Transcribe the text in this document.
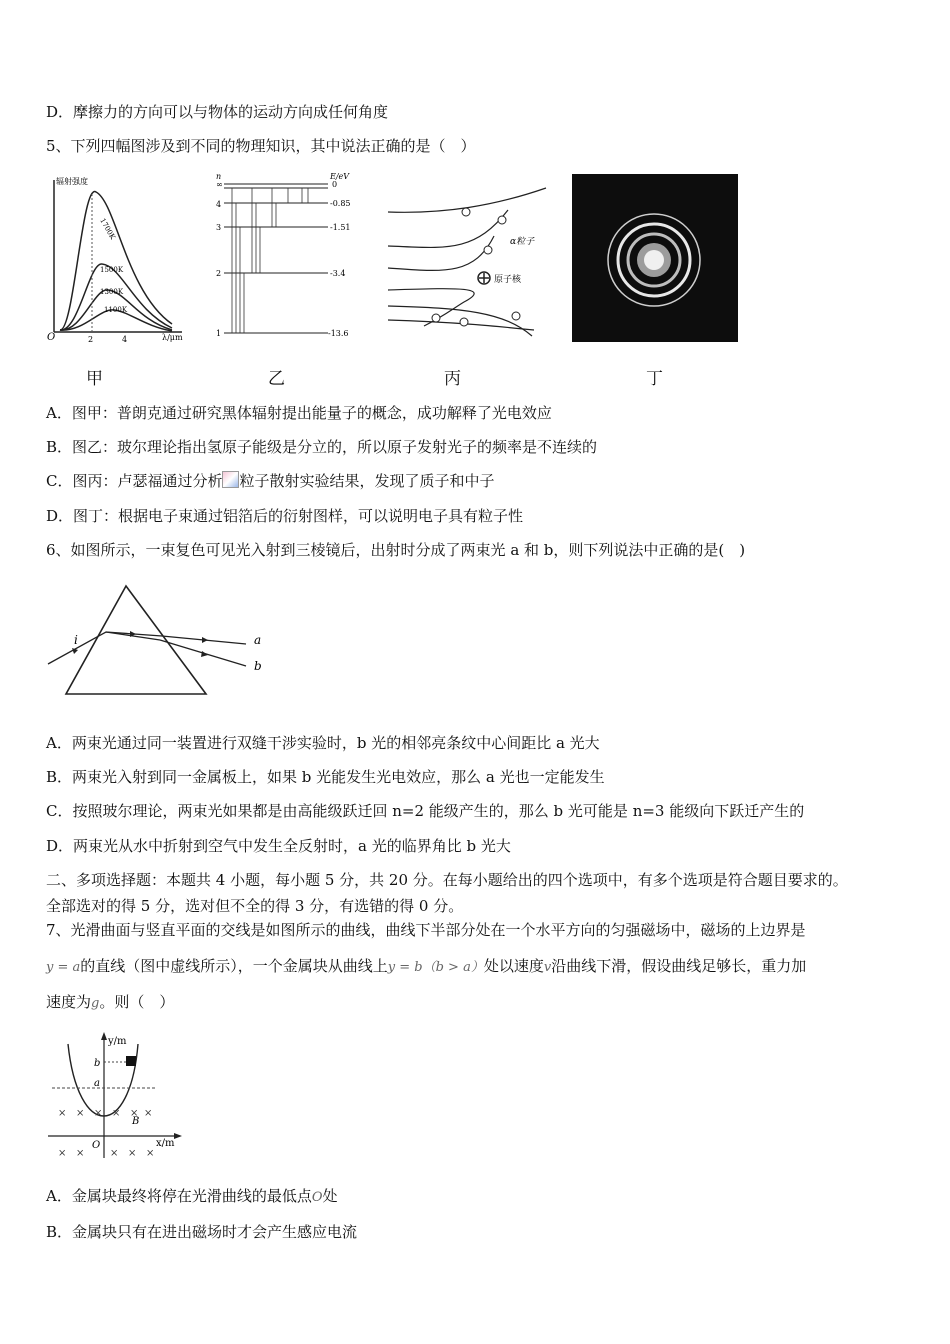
D．摩擦力的方向可以与物体的运动方向成任何角度
5、下列四幅图涉及到不同的物理知识，其中说法正确的是（　）
辐射强度
1700K
1500K
1300K
1100K
O	2	4	λ/μm
n	E/eV
∞	0
4	-0.85
3	-1.51
2	-3.4
1	-13.6
α粒子
原子核
甲	乙	丙	丁
A．图甲：普朗克通过研究黑体辐射提出能量子的概念，成功解释了光电效应
B．图乙：玻尔理论指出氢原子能级是分立的，所以原子发射光子的频率是不连续的
C．图丙：卢瑟福通过分析 粒子散射实验结果，发现了质子和中子
D．图丁：根据电子束通过铝箔后的衍射图样，可以说明电子具有粒子性
6、如图所示，一束复色可见光入射到三棱镜后，出射时分成了两束光 a 和 b，则下列说法中正确的是(　)
i	a
b
A．两束光通过同一装置进行双缝干涉实验时，b 光的相邻亮条纹中心间距比 a 光大
B．两束光入射到同一金属板上，如果 b 光能发生光电效应，那么 a 光也一定能发生
C．按照玻尔理论，两束光如果都是由高能级跃迁回 n=2 能级产生的，那么 b 光可能是 n=3 能级向下跃迁产生的
D．两束光从水中折射到空气中发生全反射时，a 光的临界角比 b 光大
二、多项选择题：本题共 4 小题，每小题 5 分，共 20 分。在每小题给出的四个选项中，有多个选项是符合题目要求的。
全部选对的得 5 分，选对但不全的得 3 分，有选错的得 0 分。
7、光滑曲面与竖直平面的交线是如图所示的曲线，曲线下半部分处在一个水平方向的匀强磁场中，磁场的上边界是
y = a的直线（图中虚线所示），一个金属块从曲线上y = b（b > a）处以速度v沿曲线下滑，假设曲线足够长，重力加
速度为g。则（　）
y/m
b
a
O	x/m
B
× × × × × ×
× ×	× × ×
A．金属块最终将停在光滑曲线的最低点O处
B．金属块只有在进出磁场时才会产生感应电流
